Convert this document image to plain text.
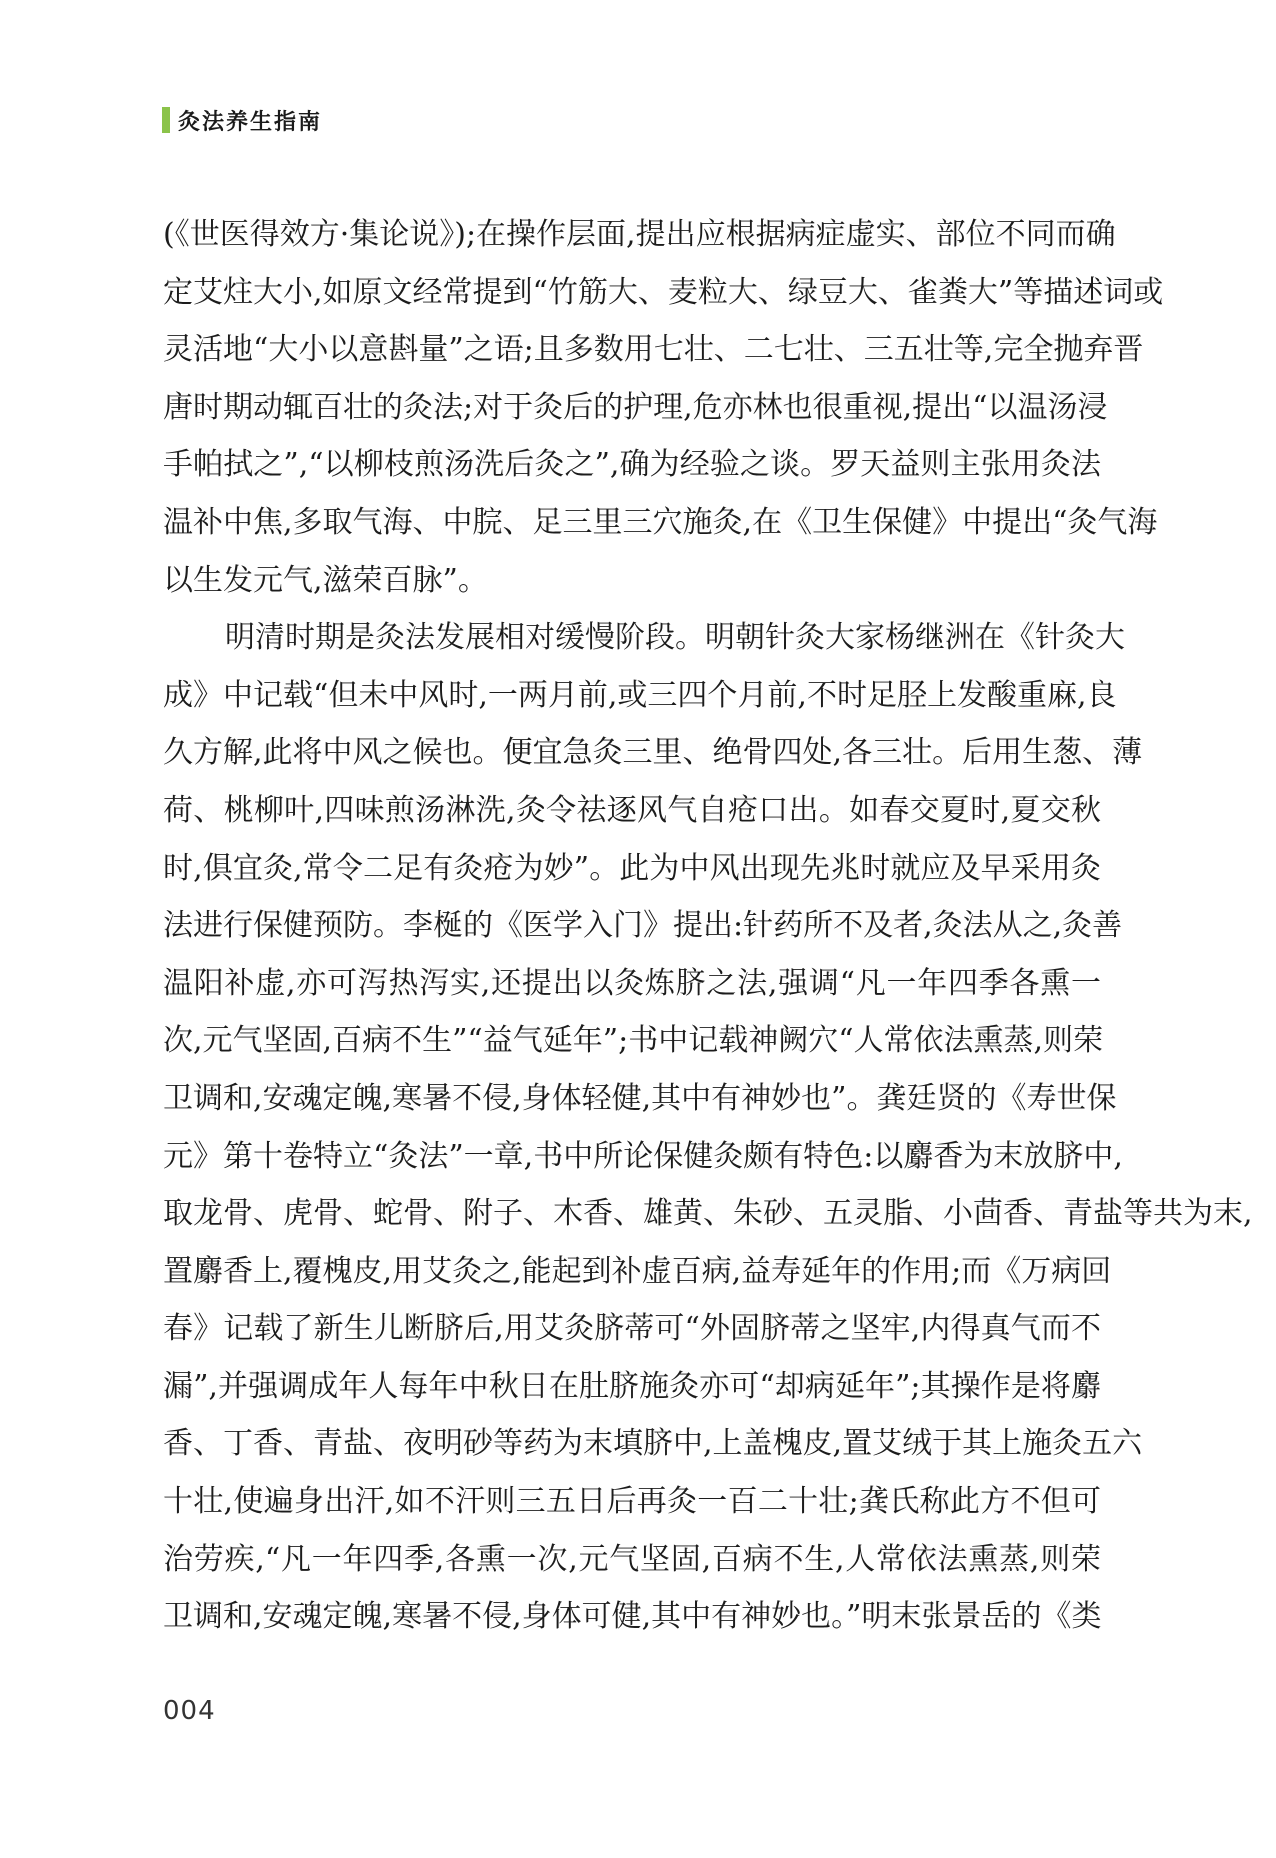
灸法养生指南
(《世医得效方·集论说》);在操作层面,提出应根据病症虚实、部位不同而确
定艾炷大小,如原文经常提到“竹筋大、麦粒大、绿豆大、雀粪大”等描述词或
灵活地“大小以意斟量”之语;且多数用七壮、二七壮、三五壮等,完全抛弃晋
唐时期动辄百壮的灸法;对于灸后的护理,危亦林也很重视,提出“以温汤浸
手帕拭之”,“以柳枝煎汤洗后灸之”,确为经验之谈。罗天益则主张用灸法
温补中焦,多取气海、中脘、足三里三穴施灸,在《卫生保健》中提出“灸气海
以生发元气,滋荣百脉”。
明清时期是灸法发展相对缓慢阶段。明朝针灸大家杨继洲在《针灸大
成》中记载“但未中风时,一两月前,或三四个月前,不时足胫上发酸重麻,良
久方解,此将中风之候也。便宜急灸三里、绝骨四处,各三壮。后用生葱、薄
荷、桃柳叶,四味煎汤淋洗,灸令祛逐风气自疮口出。如春交夏时,夏交秋
时,俱宜灸,常令二足有灸疮为妙”。此为中风出现先兆时就应及早采用灸
法进行保健预防。李梴的《医学入门》提出:针药所不及者,灸法从之,灸善
温阳补虚,亦可泻热泻实,还提出以灸炼脐之法,强调“凡一年四季各熏一
次,元气坚固,百病不生”“益气延年”;书中记载神阙穴“人常依法熏蒸,则荣
卫调和,安魂定魄,寒暑不侵,身体轻健,其中有神妙也”。龚廷贤的《寿世保
元》第十卷特立“灸法”一章,书中所论保健灸颇有特色:以麝香为末放脐中,
取龙骨、虎骨、蛇骨、附子、木香、雄黄、朱砂、五灵脂、小茴香、青盐等共为末,
置麝香上,覆槐皮,用艾灸之,能起到补虚百病,益寿延年的作用;而《万病回
春》记载了新生儿断脐后,用艾灸脐蒂可“外固脐蒂之坚牢,内得真气而不
漏”,并强调成年人每年中秋日在肚脐施灸亦可“却病延年”;其操作是将麝
香、丁香、青盐、夜明砂等药为末填脐中,上盖槐皮,置艾绒于其上施灸五六
十壮,使遍身出汗,如不汗则三五日后再灸一百二十壮;龚氏称此方不但可
治劳疾,“凡一年四季,各熏一次,元气坚固,百病不生,人常依法熏蒸,则荣
卫调和,安魂定魄,寒暑不侵,身体可健,其中有神妙也。”明末张景岳的《类
004
